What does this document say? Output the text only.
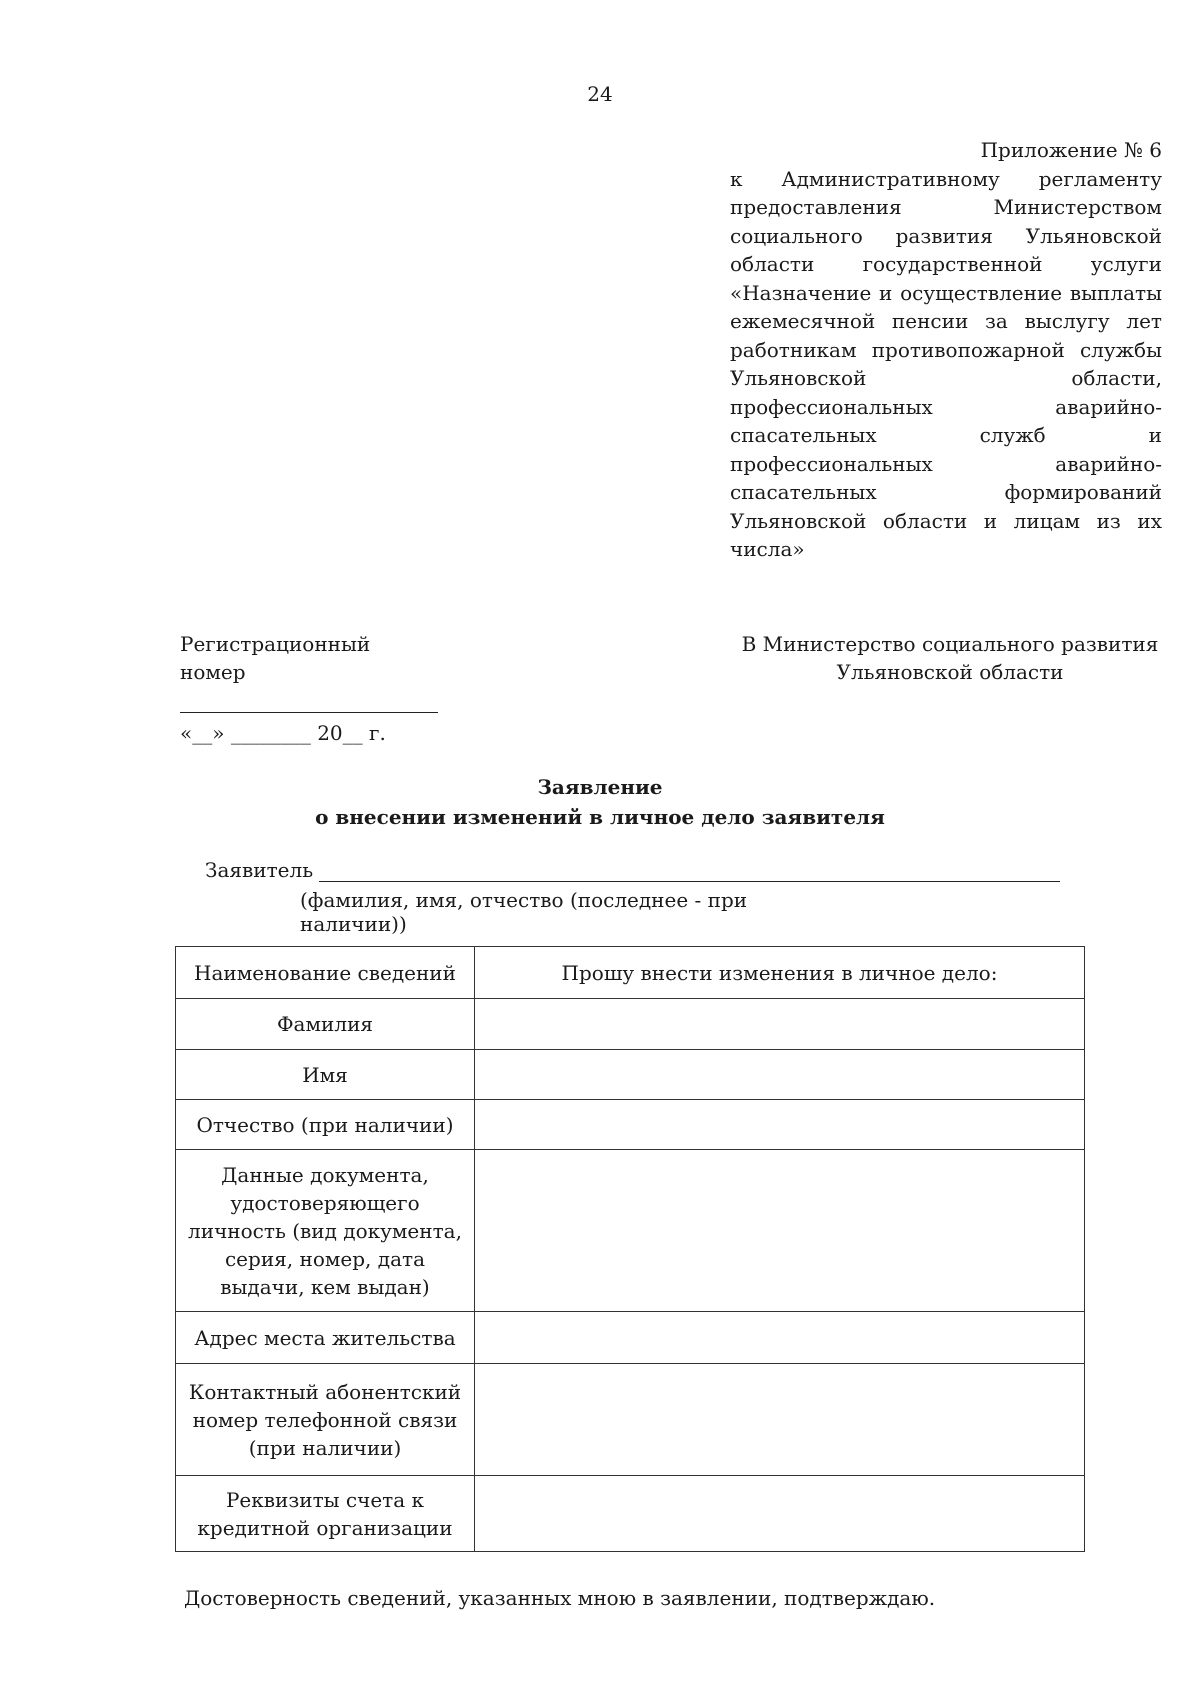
24
Приложение № 6
к Административному регламенту
предоставления Министерством
социального развития Ульяновской
области государственной услуги
«Назначение и осуществление выплаты
ежемесячной пенсии за выслугу лет
работникам противопожарной службы
Ульяновской области,
профессиональных аварийно-
спасательных служб и
профессиональных аварийно-
спасательных формирований
Ульяновской области и лицам из их
числа»
Регистрационный номер
«__» ________ 20__ г.
В Министерство социального развития
Ульяновской области
Заявление
о внесении изменений в личное дело заявителя
Заявитель
(фамилия, имя, отчество (последнее - при наличии))
Наименование сведений	Прошу внести изменения в личное дело:
Фамилия	
Имя	
Отчество (при наличии)	
Данные документа, удостоверяющего личность (вид документа, серия, номер, дата выдачи, кем выдан)	
Адрес места жительства	
Контактный абонентский номер телефонной связи (при наличии)	
Реквизиты счета к кредитной организации	
Достоверность сведений, указанных мною в заявлении, подтверждаю.
